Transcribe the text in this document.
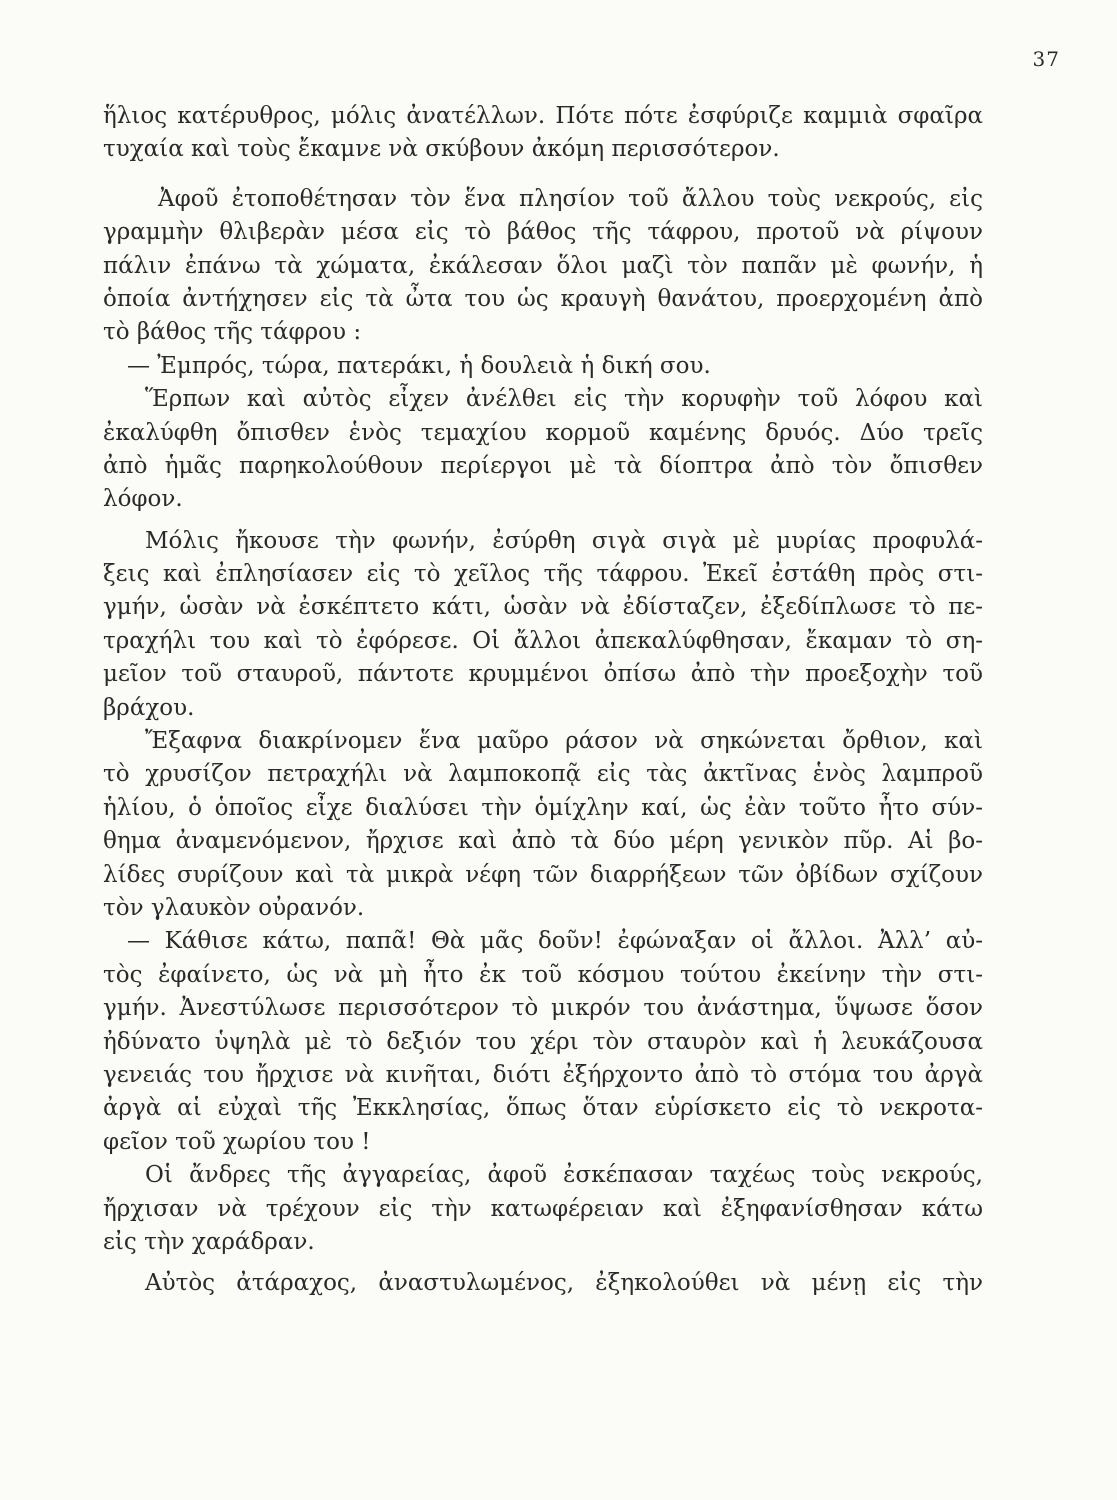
37
ἥλιος κατέρυθρος, μόλις ἀνατέλλων. Πότε πότε ἐσφύριζε καμμιὰ σφαῖρα
τυχαία καὶ τοὺς ἔκαμνε νὰ σκύβουν ἀκόμη περισσότερον.
Ἀφοῦ ἐτοποθέτησαν τὸν ἕνα πλησίον τοῦ ἄλλου τοὺς νεκρούς, εἰς
γραμμὴν θλιβερὰν μέσα εἰς τὸ βάθος τῆς τάφρου, προτοῦ νὰ ρίψουν
πάλιν ἐπάνω τὰ χώματα, ἐκάλεσαν ὅλοι μαζὶ τὸν παπᾶν μὲ φωνήν, ἡ
ὁποία ἀντήχησεν εἰς τὰ ὦτα του ὡς κραυγὴ θανάτου, προερχομένη ἀπὸ
τὸ βάθος τῆς τάφρου :
— Ἐμπρός, τώρα, πατεράκι, ἡ δουλειὰ ἡ δική σου.
Ἕρπων καὶ αὐτὸς εἶχεν ἀνέλθει εἰς τὴν κορυφὴν τοῦ λόφου καὶ
ἐκαλύφθη ὄπισθεν ἑνὸς τεμαχίου κορμοῦ καμένης δρυός. Δύο τρεῖς
ἀπὸ ἡμᾶς παρηκολούθουν περίεργοι μὲ τὰ δίοπτρα ἀπὸ τὸν ὄπισθεν
λόφον.
Μόλις ἤκουσε τὴν φωνήν, ἐσύρθη σιγὰ σιγὰ μὲ μυρίας προφυλά-
ξεις καὶ ἐπλησίασεν εἰς τὸ χεῖλος τῆς τάφρου. Ἐκεῖ ἐστάθη πρὸς στι-
γμήν, ὡσὰν νὰ ἐσκέπτετο κάτι, ὡσὰν νὰ ἐδίσταζεν, ἐξεδίπλωσε τὸ πε-
τραχήλι του καὶ τὸ ἐφόρεσε. Οἱ ἄλλοι ἀπεκαλύφθησαν, ἔκαμαν τὸ ση-
μεῖον τοῦ σταυροῦ, πάντοτε κρυμμένοι ὀπίσω ἀπὸ τὴν προεξοχὴν τοῦ
βράχου.
Ἔξαφνα διακρίνομεν ἕνα μαῦρο ράσον νὰ σηκώνεται ὄρθιον, καὶ
τὸ χρυσίζον πετραχήλι νὰ λαμποκοπᾷ εἰς τὰς ἀκτῖνας ἑνὸς λαμπροῦ
ἡλίου, ὁ ὁποῖος εἶχε διαλύσει τὴν ὁμίχλην καί, ὡς ἐὰν τοῦτο ἦτο σύν-
θημα ἀναμενόμενον, ἤρχισε καὶ ἀπὸ τὰ δύο μέρη γενικὸν πῦρ. Αἱ βο-
λίδες συρίζουν καὶ τὰ μικρὰ νέφη τῶν διαρρήξεων τῶν ὀβίδων σχίζουν
τὸν γλαυκὸν οὐρανόν.
— Κάθισε κάτω, παπᾶ! Θὰ μᾶς δοῦν! ἐφώναξαν οἱ ἄλλοι. Ἀλλ’ αὐ-
τὸς ἐφαίνετο, ὡς νὰ μὴ ἦτο ἐκ τοῦ κόσμου τούτου ἐκείνην τὴν στι-
γμήν. Ἀνεστύλωσε περισσότερον τὸ μικρόν του ἀνάστημα, ὕψωσε ὅσον
ἠδύνατο ὑψηλὰ μὲ τὸ δεξιόν του χέρι τὸν σταυρὸν καὶ ἡ λευκάζουσα
γενειάς του ἤρχισε νὰ κινῆται, διότι ἐξήρχοντο ἀπὸ τὸ στόμα του ἀργὰ
ἀργὰ αἱ εὐχαὶ τῆς Ἐκκλησίας, ὅπως ὅταν εὑρίσκετο εἰς τὸ νεκροτα-
φεῖον τοῦ χωρίου του !
Οἱ ἄνδρες τῆς ἀγγαρείας, ἀφοῦ ἐσκέπασαν ταχέως τοὺς νεκρούς,
ἤρχισαν νὰ τρέχουν εἰς τὴν κατωφέρειαν καὶ ἐξηφανίσθησαν κάτω
εἰς τὴν χαράδραν.
Αὐτὸς ἀτάραχος, ἀναστυλωμένος, ἐξηκολούθει νὰ μένῃ εἰς τὴν
